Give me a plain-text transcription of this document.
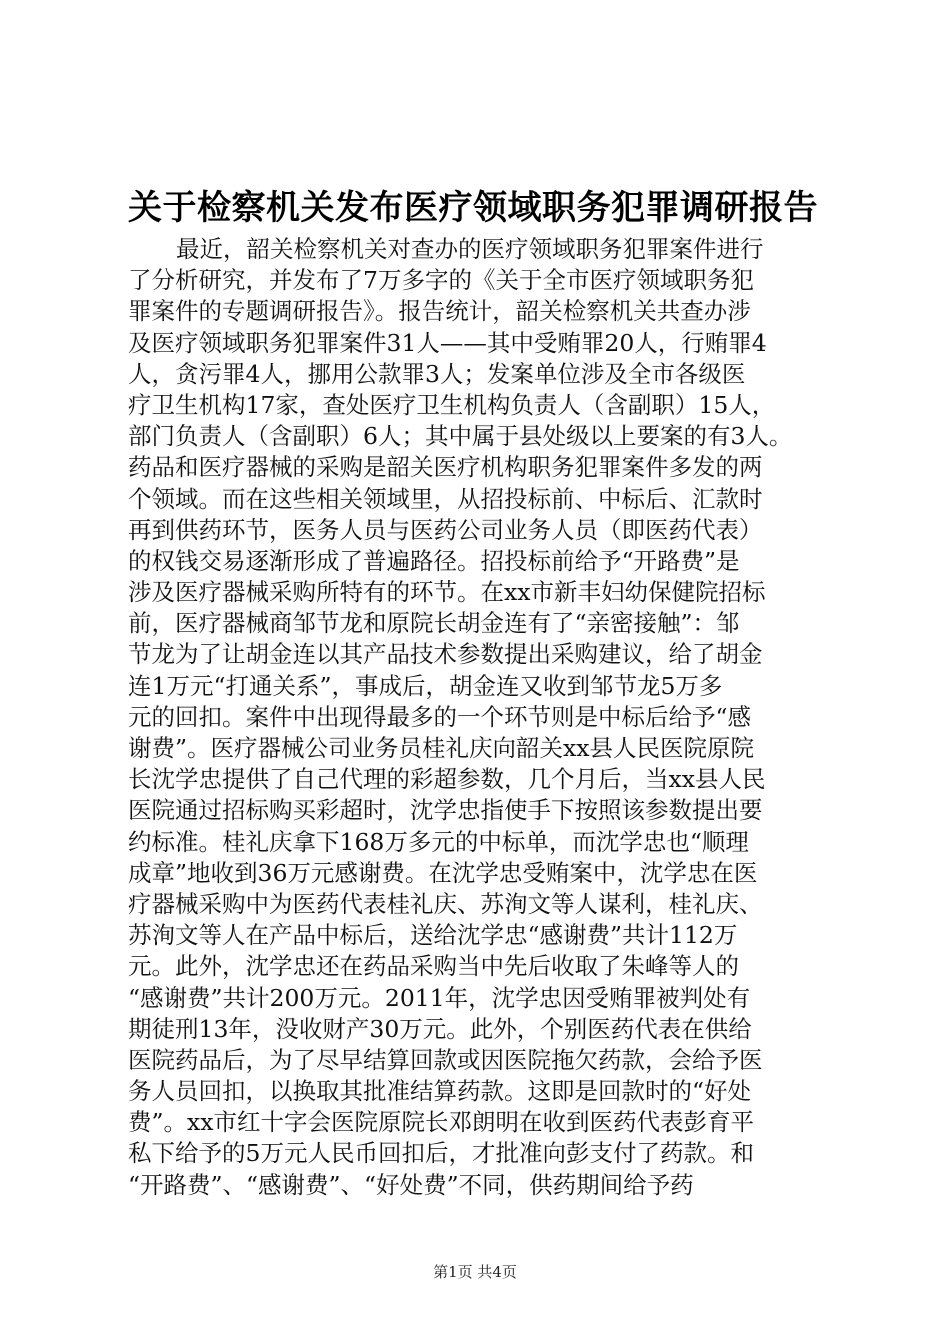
关于检察机关发布医疗领域职务犯罪调研报告
最近，韶关检察机关对查办的医疗领域职务犯罪案件进行
了分析研究，并发布了7万多字的《关于全市医疗领域职务犯
罪案件的专题调研报告》。报告统计，韶关检察机关共查办涉
及医疗领域职务犯罪案件31人——其中受贿罪20人，行贿罪4
人，贪污罪4人，挪用公款罪3人；发案单位涉及全市各级医
疗卫生机构17家，查处医疗卫生机构负责人（含副职）15人，
部门负责人（含副职）6人；其中属于县处级以上要案的有3人。
药品和医疗器械的采购是韶关医疗机构职务犯罪案件多发的两
个领域。而在这些相关领域里，从招投标前、中标后、汇款时
再到供药环节，医务人员与医药公司业务人员（即医药代表）
的权钱交易逐渐形成了普遍路径。招投标前给予“开路费”是
涉及医疗器械采购所特有的环节。在xx市新丰妇幼保健院招标
前，医疗器械商邹节龙和原院长胡金连有了“亲密接触”：邹
节龙为了让胡金连以其产品技术参数提出采购建议，给了胡金
连1万元“打通关系”，事成后，胡金连又收到邹节龙5万多
元的回扣。案件中出现得最多的一个环节则是中标后给予“感
谢费”。医疗器械公司业务员桂礼庆向韶关xx县人民医院原院
长沈学忠提供了自己代理的彩超参数，几个月后，当xx县人民
医院通过招标购买彩超时，沈学忠指使手下按照该参数提出要
约标准。桂礼庆拿下168万多元的中标单，而沈学忠也“顺理
成章”地收到36万元感谢费。在沈学忠受贿案中，沈学忠在医
疗器械采购中为医药代表桂礼庆、苏洵文等人谋利，桂礼庆、
苏洵文等人在产品中标后，送给沈学忠“感谢费”共计112万
元。此外，沈学忠还在药品采购当中先后收取了朱峰等人的
“感谢费”共计200万元。2011年，沈学忠因受贿罪被判处有
期徒刑13年，没收财产30万元。此外，个别医药代表在供给
医院药品后，为了尽早结算回款或因医院拖欠药款，会给予医
务人员回扣，以换取其批准结算药款。这即是回款时的“好处
费”。xx市红十字会医院原院长邓朗明在收到医药代表彭育平
私下给予的5万元人民币回扣后，才批准向彭支付了药款。和
“开路费”、“感谢费”、“好处费”不同，供药期间给予药
第1页 共4页
